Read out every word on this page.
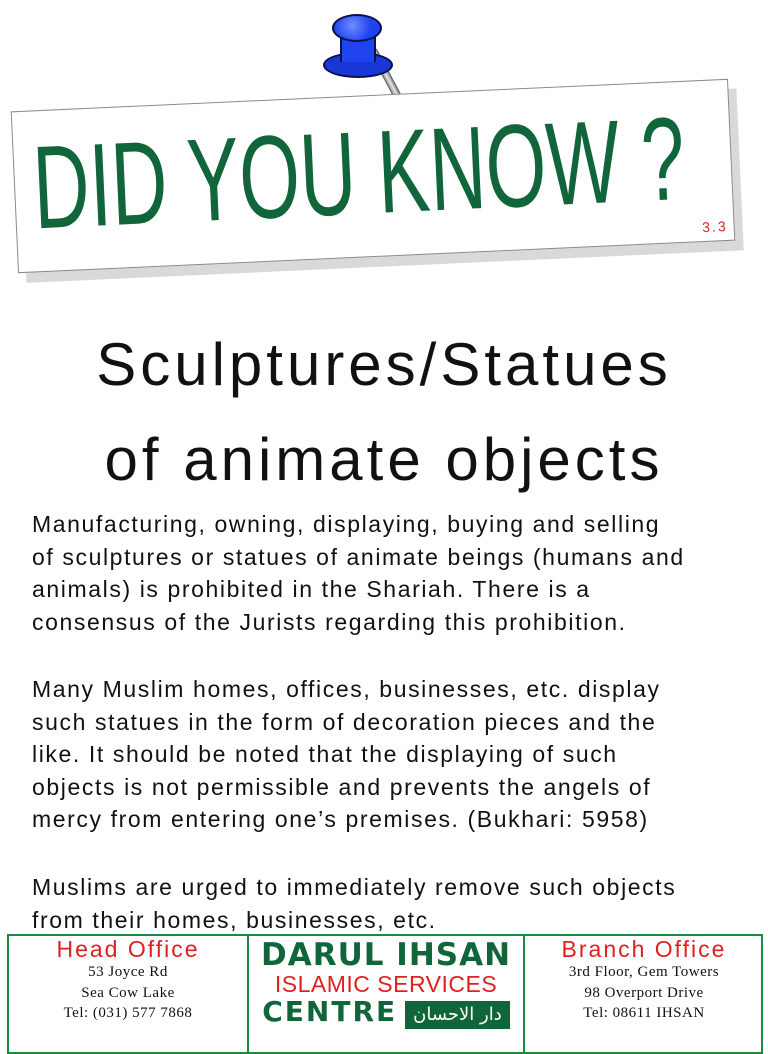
DID YOU KNOW ? 3.3
Sculptures/Statues
of animate objects
Manufacturing, owning, displaying, buying and selling
of sculptures or statues of animate beings (humans and
animals) is prohibited in the Shariah. There is a
consensus of the Jurists regarding this prohibition.
Many Muslim homes, offices, businesses, etc. display
such statues in the form of decoration pieces and the
like. It should be noted that the displaying of such
objects is not permissible and prevents the angels of
mercy from entering one’s premises. (Bukhari: 5958)
Muslims are urged to immediately remove such objects
from their homes, businesses, etc.
Head Office
53 Joyce Rd
Sea Cow Lake
Tel: (031) 577 7868
DARUL IHSAN
ISLAMIC SERVICES
CENTRE دار الاحسان
Branch Office
3rd Floor, Gem Towers
98 Overport Drive
Tel: 08611 IHSAN
